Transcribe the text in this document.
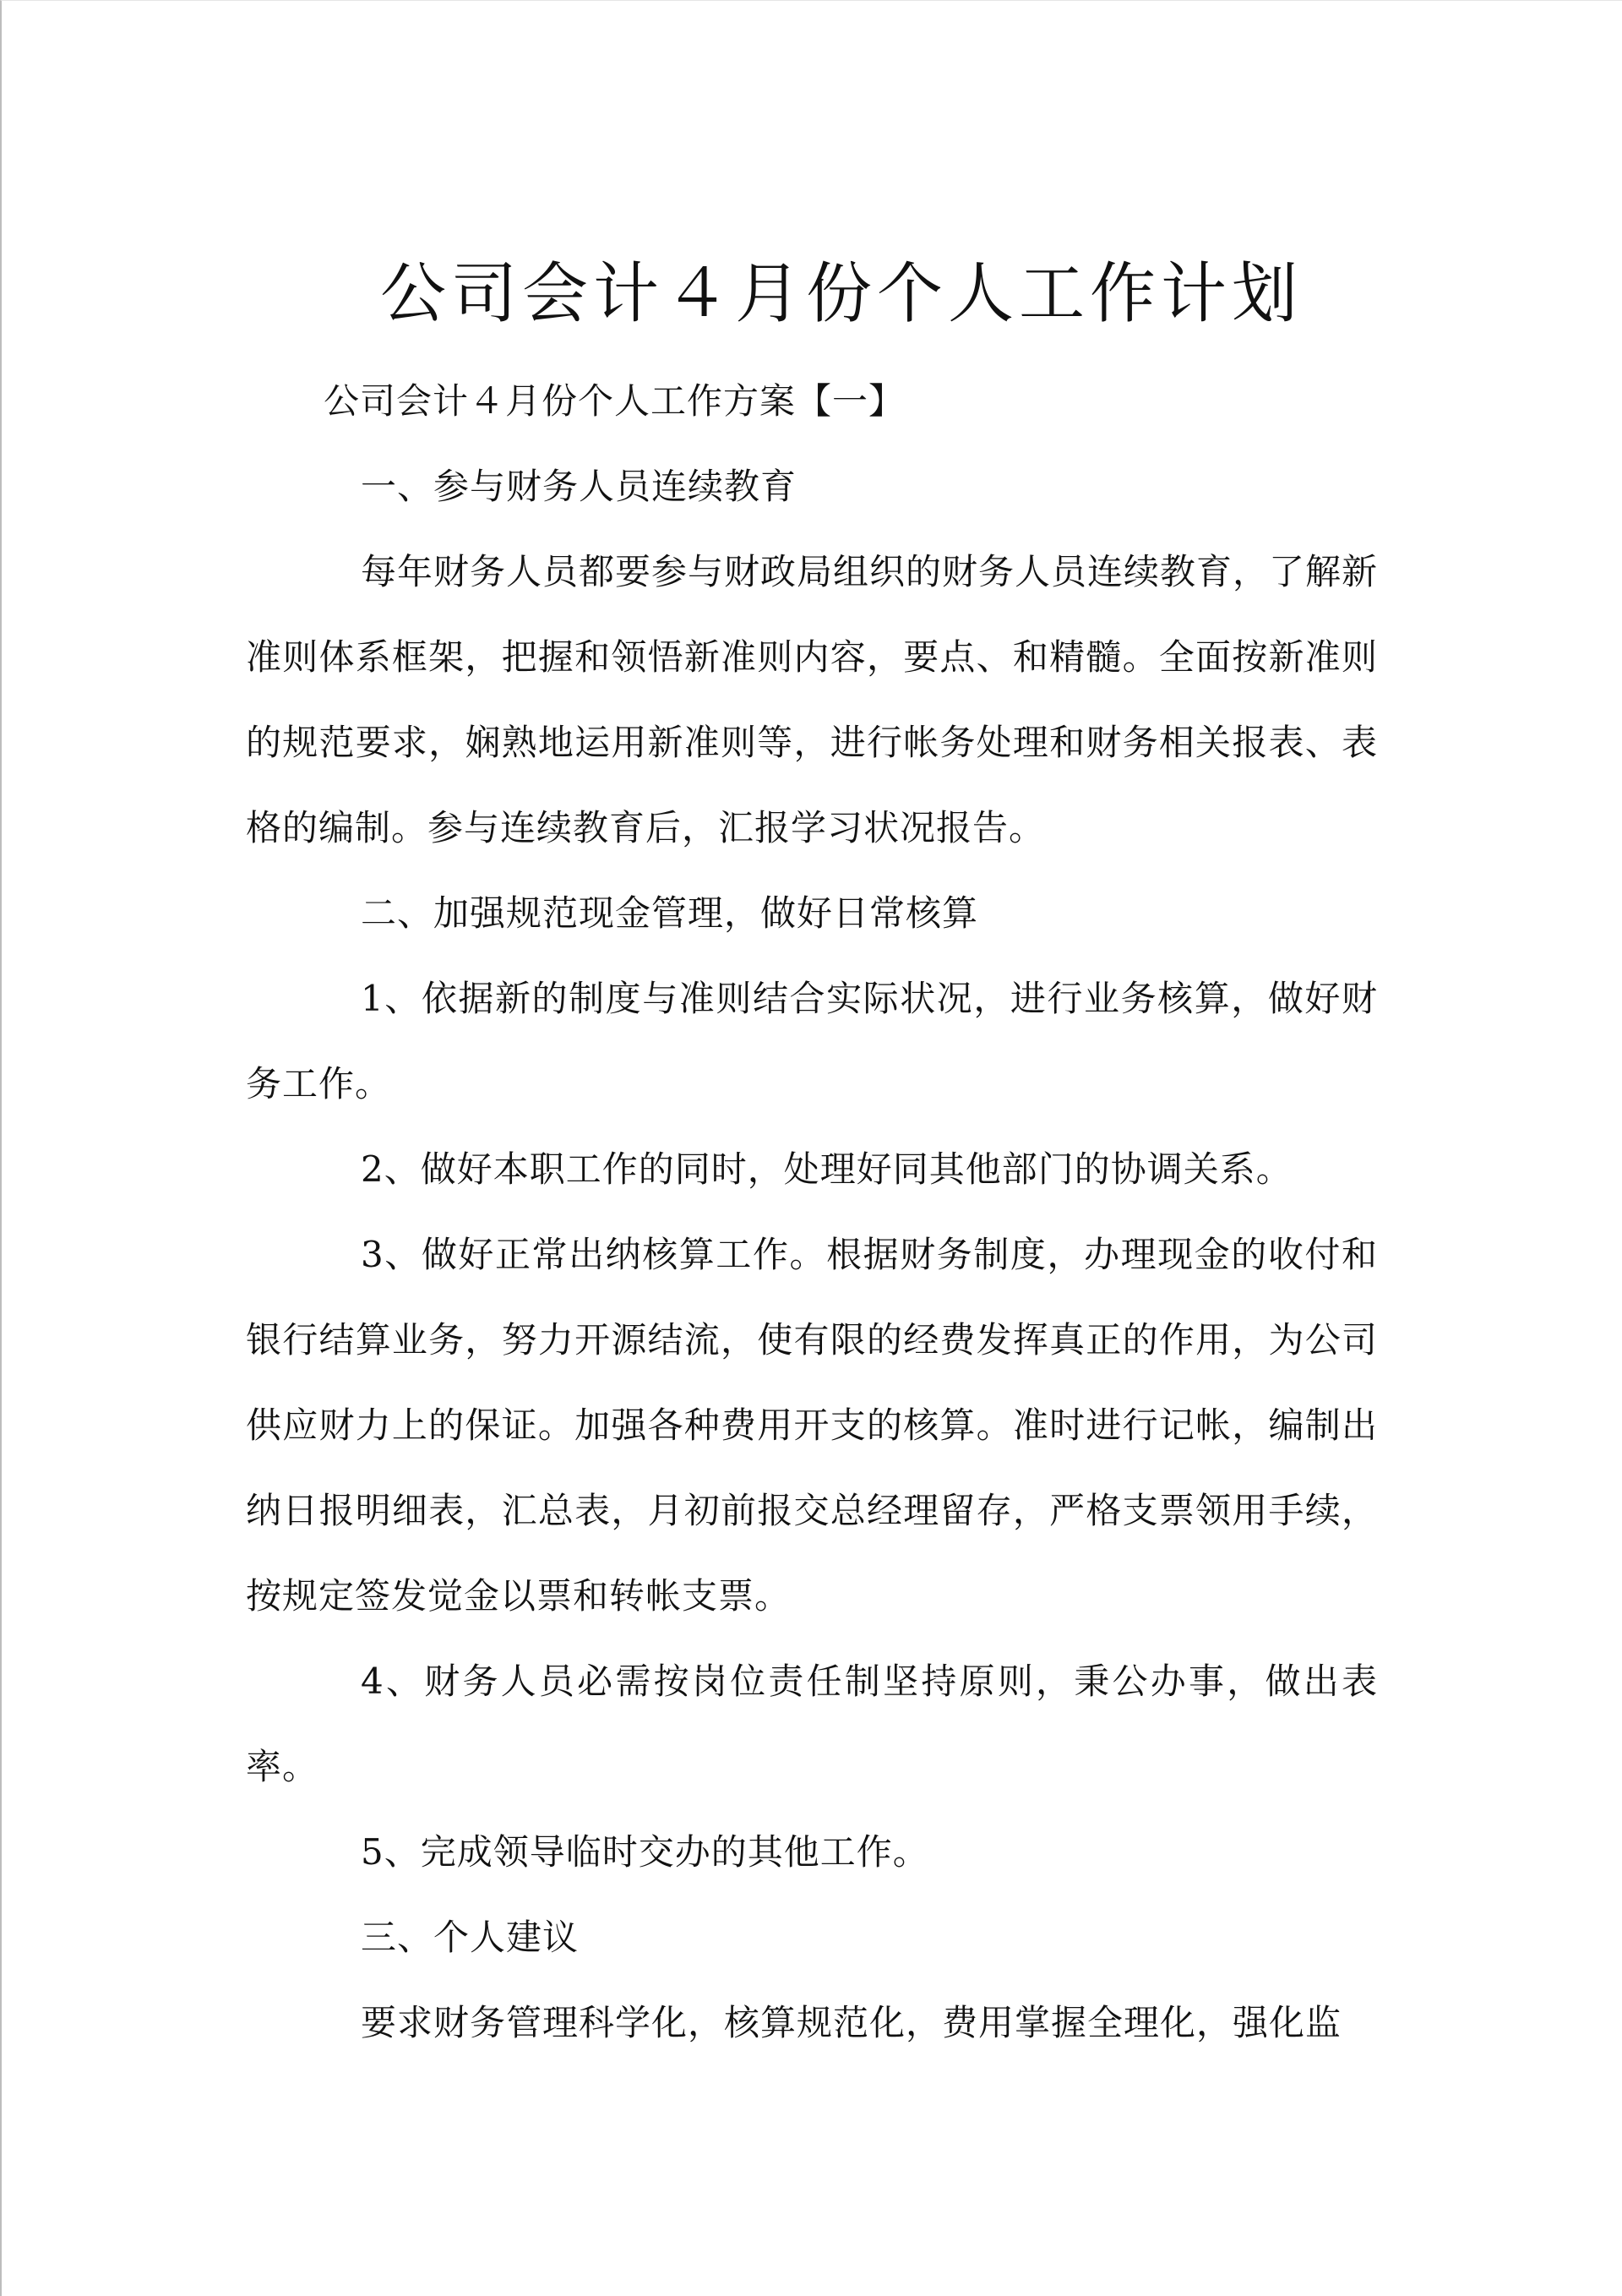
公司会计４月份个人工作计划

公司会计４月份个人工作方案【一】

一、参与财务人员连续教育

每年财务人员都要参与财政局组织的财务人员连续教育，了解新准则体系框架，把握和领悟新准则内容，要点、和精髓。全面按新准则的规范要求，娴熟地运用新准则等，进行帐务处理和财务相关报表、表格的编制。参与连续教育后，汇报学习状况报告。

二、加强规范现金管理，做好日常核算

1、依据新的制度与准则结合实际状况，进行业务核算，做好财务工作。

2、做好本职工作的同时，处理好同其他部门的协调关系。

3、做好正常出纳核算工作。根据财务制度，办理现金的收付和银行结算业务，努力开源结流，使有限的经费发挥真正的作用，为公司供应财力上的保证。加强各种费用开支的核算。准时进行记帐，编制出纳日报明细表，汇总表，月初前报交总经理留存，严格支票领用手续，按规定签发觉金以票和转帐支票。

4、财务人员必需按岗位责任制坚持原则，秉公办事，做出表率。

5、完成领导临时交办的其他工作。

三、个人建议

要求财务管理科学化，核算规范化，费用掌握全理化，强化监
